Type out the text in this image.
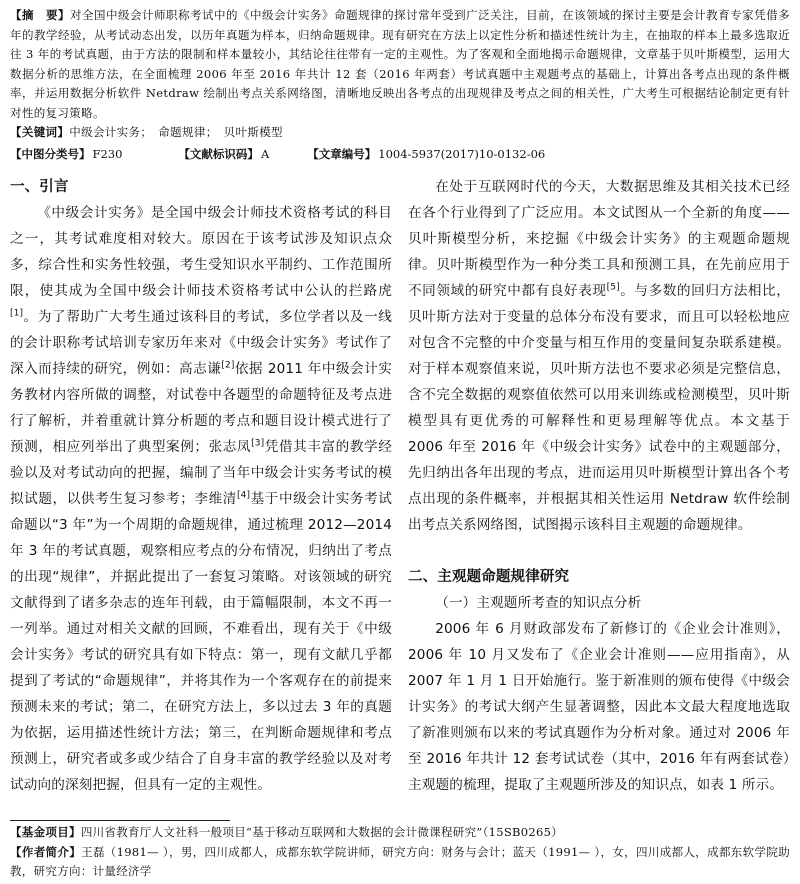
【摘　要】对全国中级会计师职称考试中的《中级会计实务》命题规律的探讨常年受到广泛关注，目前，在该领域的探讨主要是会计教育专家凭借多年的教学经验，从考试动态出发，以历年真题为样本，归纳命题规律。现有研究在方法上以定性分析和描述性统计为主，在抽取的样本上最多选取近往 3 年的考试真题，由于方法的限制和样本量较小，其结论往往带有一定的主观性。为了客观和全面地揭示命题规律，文章基于贝叶斯模型，运用大数据分析的思维方法，在全面梳理 2006 年至 2016 年共计 12 套（2016 年两套）考试真题中主观题考点的基础上，计算出各考点出现的条件概率，并运用数据分析软件 Netdraw 绘制出考点关系网络图，清晰地反映出各考点的出现规律及考点之间的相关性，广大考生可根据结论制定更有针对性的复习策略。
【关键词】中级会计实务；　命题规律；　贝叶斯模型
【中图分类号】 F230	【文献标识码】 A	【文章编号】 1004-5937(2017)10-0132-06
一、引言

《中级会计实务》是全国中级会计师技术资格考试的科目之一，其考试难度相对较大。原因在于该考试涉及知识点众多，综合性和实务性较强，考生受知识水平制约、工作范围所限，使其成为全国中级会计师技术资格考试中公认的拦路虎[1]。为了帮助广大考生通过该科目的考试，多位学者以及一线的会计职称考试培训专家历年来对《中级会计实务》考试作了深入而持续的研究，例如：高志谦[2]依据 2011 年中级会计实务教材内容所做的调整，对试卷中各题型的命题特征及考点进行了解析，并着重就计算分析题的考点和题目设计模式进行了预测，相应列举出了典型案例；张志凤[3]凭借其丰富的教学经验以及对考试动向的把握，编制了当年中级会计实务考试的模拟试题，以供考生复习参考；李维清[4]基于中级会计实务考试命题以“3 年”为一个周期的命题规律，通过梳理 2012—2014 年 3 年的考试真题，观察相应考点的分布情况，归纳出了考点的出现“规律”，并据此提出了一套复习策略。对该领域的研究文献得到了诸多杂志的连年刊载，由于篇幅限制，本文不再一一列举。通过对相关文献的回顾，不难看出，现有关于《中级会计实务》考试的研究具有如下特点：第一，现有文献几乎都提到了考试的“命题规律”，并将其作为一个客观存在的前提来预测未来的考试；第二，在研究方法上，多以过去 3 年的真题为依据，运用描述性统计方法；第三，在判断命题规律和考点预测上，研究者或多或少结合了自身丰富的教学经验以及对考试动向的深刻把握，但具有一定的主观性。

在处于互联网时代的今天，大数据思维及其相关技术已经在各个行业得到了广泛应用。本文试图从一个全新的角度——贝叶斯模型分析，来挖掘《中级会计实务》的主观题命题规律。贝叶斯模型作为一种分类工具和预测工具，在先前应用于不同领域的研究中都有良好表现[5]。与多数的回归方法相比，贝叶斯方法对于变量的总体分布没有要求，而且可以轻松地应对包含不完整的中介变量与相互作用的变量间复杂联系建模。对于样本观察值来说，贝叶斯方法也不要求必须是完整信息，含不完全数据的观察值依然可以用来训练或检测模型，贝叶斯模型具有更优秀的可解释性和更易理解等优点。本文基于 2006 年至 2016 年《中级会计实务》试卷中的主观题部分，先归纳出各年出现的考点，进而运用贝叶斯模型计算出各个考点出现的条件概率，并根据其相关性运用 Netdraw 软件绘制出考点关系网络图，试图揭示该科目主观题的命题规律。

二、主观题命题规律研究
（一）主观题所考查的知识点分析

2006 年 6 月财政部发布了新修订的《企业会计准则》，2006 年 10 月又发布了《企业会计准则——应用指南》，从 2007 年 1 月 1 日开始施行。鉴于新准则的颁布使得《中级会计实务》的考试大纲产生显著调整，因此本文最大程度地选取了新准则颁布以来的考试真题作为分析对象。通过对 2006 年至 2016 年共计 12 套考试试卷（其中，2016 年有两套试卷）主观题的梳理，提取了主观题所涉及的知识点，如表 1 所示。

【基金项目】四川省教育厅人文社科一般项目“基于移动互联网和大数据的会计微课程研究”（15SB0265）
【作者简介】王磊（1981— ），男，四川成都人，成都东软学院讲师，研究方向：财务与会计；蓝天（1991— ），女，四川成都人，成都东软学院助教，研究方向：计量经济学
